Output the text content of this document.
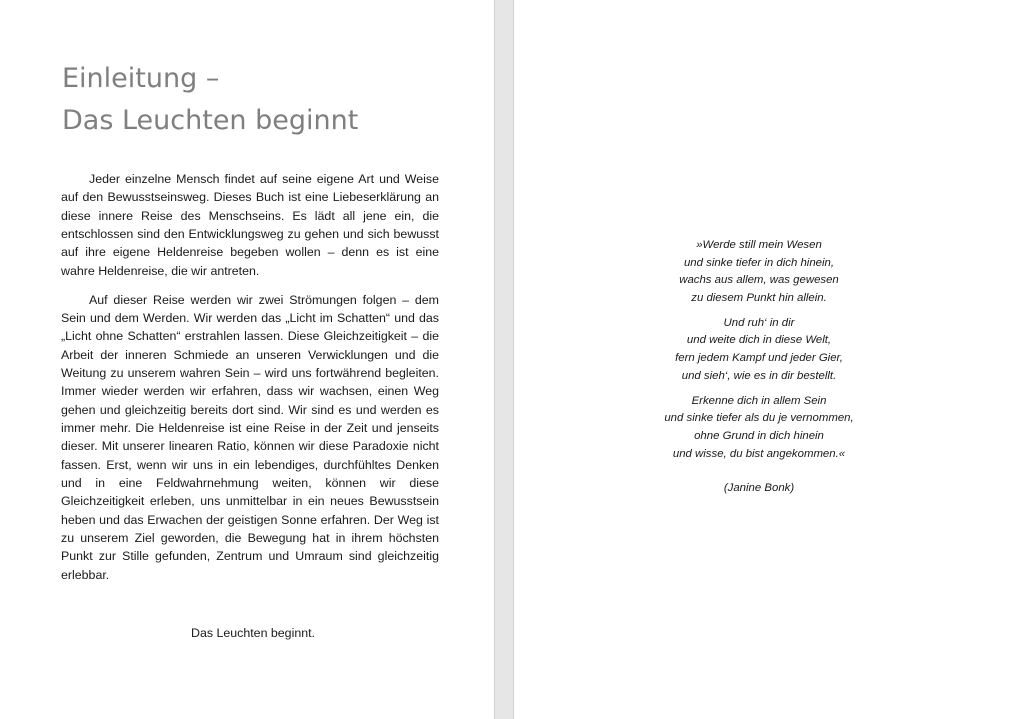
Einleitung –
Das Leuchten beginnt

Jeder einzelne Mensch findet auf seine eigene Art und Weise auf den Bewusstseinsweg. Dieses Buch ist eine Liebeserklärung an diese innere Reise des Menschseins. Es lädt all jene ein, die entschlossen sind den Entwicklungsweg zu gehen und sich bewusst auf ihre eigene Heldenreise begeben wollen – denn es ist eine wahre Heldenreise, die wir antreten.

Auf dieser Reise werden wir zwei Strömungen folgen – dem Sein und dem Werden. Wir werden das „Licht im Schatten“ und das „Licht ohne Schatten“ erstrahlen lassen. Diese Gleichzeitigkeit – die Arbeit der inneren Schmiede an unseren Verwicklungen und die Weitung zu unserem wahren Sein – wird uns fortwährend begleiten. Immer wieder werden wir erfahren, dass wir wachsen, einen Weg gehen und gleichzeitig bereits dort sind. Wir sind es und werden es immer mehr. Die Heldenreise ist eine Reise in der Zeit und jenseits dieser. Mit unserer linearen Ratio, können wir diese Paradoxie nicht fassen. Erst, wenn wir uns in ein lebendiges, durchfühltes Denken und in eine Feldwahrnehmung weiten, können wir diese Gleichzeitigkeit erleben, uns unmittelbar in ein neues Bewusstsein heben und das Erwachen der geistigen Sonne erfahren. Der Weg ist zu unserem Ziel geworden, die Bewegung hat in ihrem höchsten Punkt zur Stille gefunden, Zentrum und Umraum sind gleichzeitig erlebbar.

Das Leuchten beginnt.

»Werde still mein Wesen
und sinke tiefer in dich hinein,
wachs aus allem, was gewesen
zu diesem Punkt hin allein.
Und ruh‘ in dir
und weite dich in diese Welt,
fern jedem Kampf und jeder Gier,
und sieh‘, wie es in dir bestellt.
Erkenne dich in allem Sein
und sinke tiefer als du je vernommen,
ohne Grund in dich hinein
und wisse, du bist angekommen.«
(Janine Bonk)
